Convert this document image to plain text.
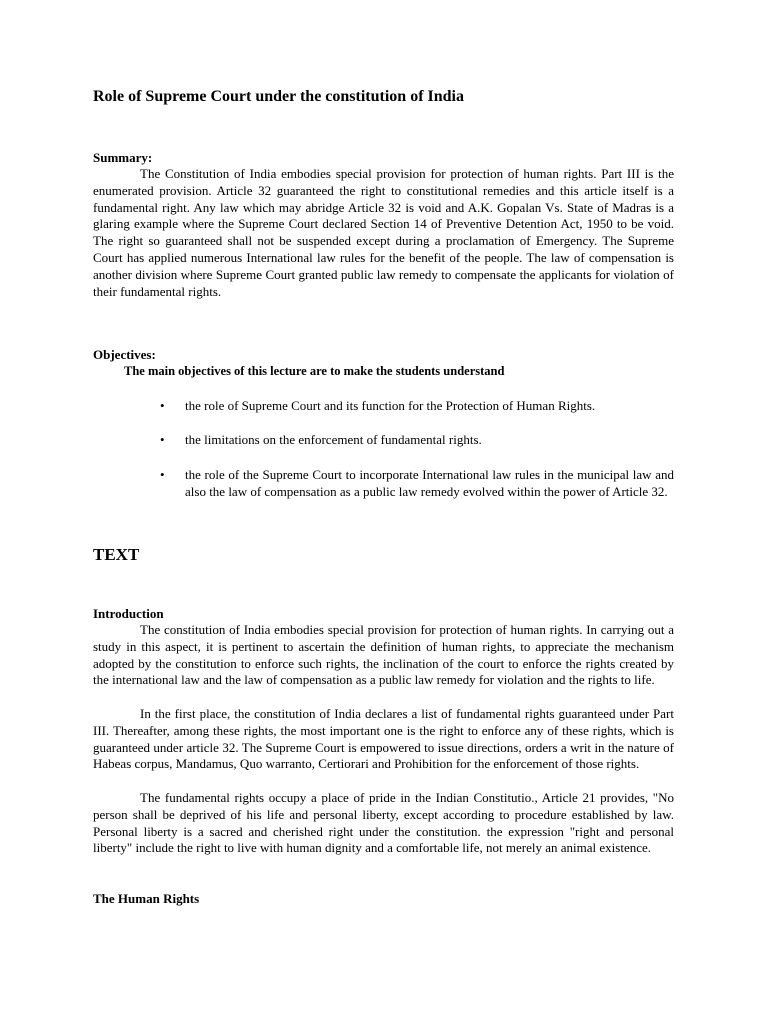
Role of Supreme Court under the constitution of India
Summary:

The Constitution of India embodies special provision for protection of human rights. Part III is the enumerated provision. Article 32 guaranteed the right to constitutional remedies and this article itself is a fundamental right. Any law which may abridge Article 32 is void and A.K. Gopalan Vs. State of Madras is a glaring example where the Supreme Court declared Section 14 of Preventive Detention Act, 1950 to be void. The right so guaranteed shall not be suspended except during a proclamation of Emergency. The Supreme Court has applied numerous International law rules for the benefit of the people. The law of compensation is another division where Supreme Court granted public law remedy to compensate the applicants for violation of their fundamental rights.

Objectives:
The main objectives of this lecture are to make the students understand
• the role of Supreme Court and its function for the Protection of Human Rights.
• the limitations on the enforcement of fundamental rights.
• the role of the Supreme Court to incorporate International law rules in the municipal law and also the law of compensation as a public law remedy evolved within the power of Article 32.
TEXT
Introduction

The constitution of India embodies special provision for protection of human rights. In carrying out a study in this aspect, it is pertinent to ascertain the definition of human rights, to appreciate the mechanism adopted by the constitution to enforce such rights, the inclination of the court to enforce the rights created by the international law and the law of compensation as a public law remedy for violation and the rights to life.

In the first place, the constitution of India declares a list of fundamental rights guaranteed under Part III. Thereafter, among these rights, the most important one is the right to enforce any of these rights, which is guaranteed under article 32. The Supreme Court is empowered to issue directions, orders a writ in the nature of Habeas corpus, Mandamus, Quo warranto, Certiorari and Prohibition for the enforcement of those rights.

The fundamental rights occupy a place of pride in the Indian Constitutio., Article 21 provides, "No person shall be deprived of his life and personal liberty, except according to procedure established by law. Personal liberty is a sacred and cherished right under the constitution. the expression "right and personal liberty" include the right to live with human dignity and a comfortable life, not merely an animal existence.

The Human Rights
